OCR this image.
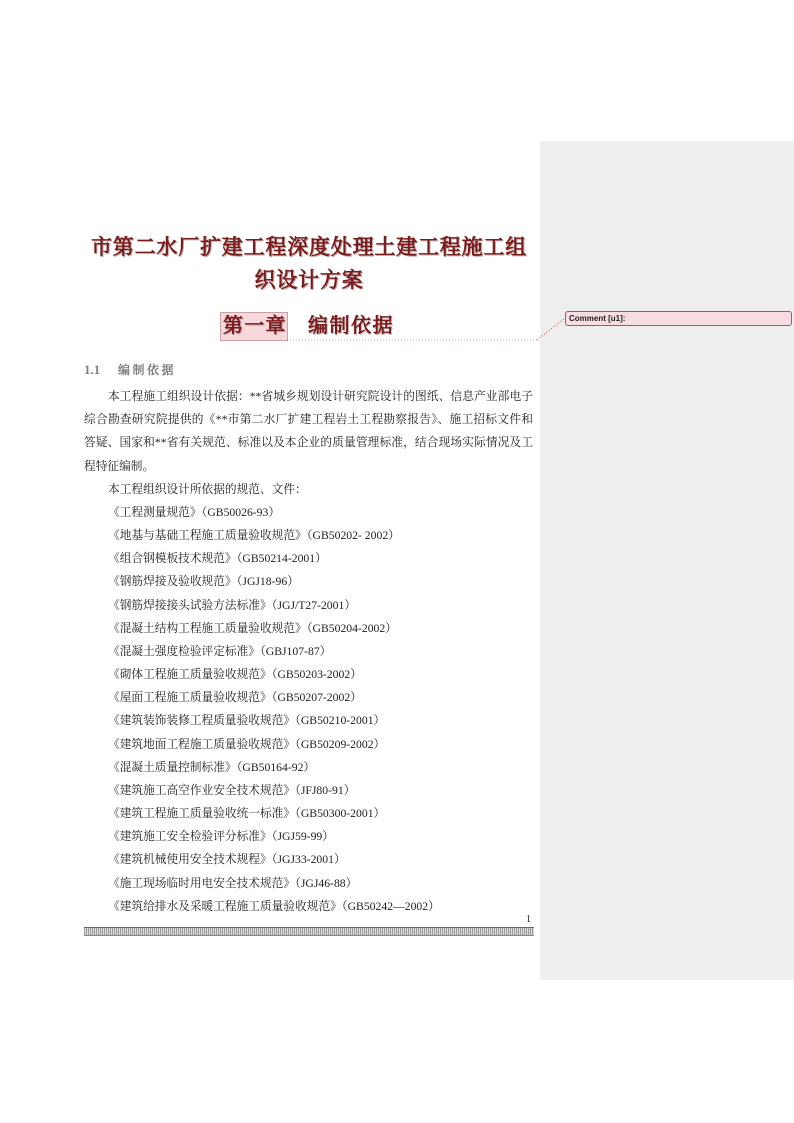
市第二水厂扩建工程深度处理土建工程施工组
织设计方案
第一章 编制依据	Comment [u1]:
1.1 编制依据
本工程施工组织设计依据：**省城乡规划设计研究院设计的图纸、信息产业部电子
综合勘查研究院提供的《**市第二水厂扩建工程岩土工程勘察报告》、施工招标文件和
答疑、国家和**省有关规范、标准以及本企业的质量管理标准，结合现场实际情况及工
程特征编制。
本工程组织设计所依据的规范、文件：
《工程测量规范》（GB50026-93）
《地基与基础工程施工质量验收规范》（GB50202- 2002）
《组合钢模板技术规范》（GB50214-2001）
《钢筋焊接及验收规范》（JGJ18-96）
《钢筋焊接接头试验方法标准》（JGJ/T27-2001）
《混凝土结构工程施工质量验收规范》（GB50204-2002）
《混凝土强度检验评定标准》（GBJ107-87）
《砌体工程施工质量验收规范》（GB50203-2002）
《屋面工程施工质量验收规范》（GB50207-2002）
《建筑装饰装修工程质量验收规范》（GB50210-2001）
《建筑地面工程施工质量验收规范》（GB50209-2002）
《混凝土质量控制标准》（GB50164-92）
《建筑施工高空作业安全技术规范》（JFJ80-91）
《建筑工程施工质量验收统一标准》（GB50300-2001）
《建筑施工安全检验评分标准》（JGJ59-99）
《建筑机械使用安全技术规程》（JGJ33-2001）
《施工现场临时用电安全技术规范》（JGJ46-88）
《建筑给排水及采暖工程施工质量验收规范》（GB50242—2002）
1
